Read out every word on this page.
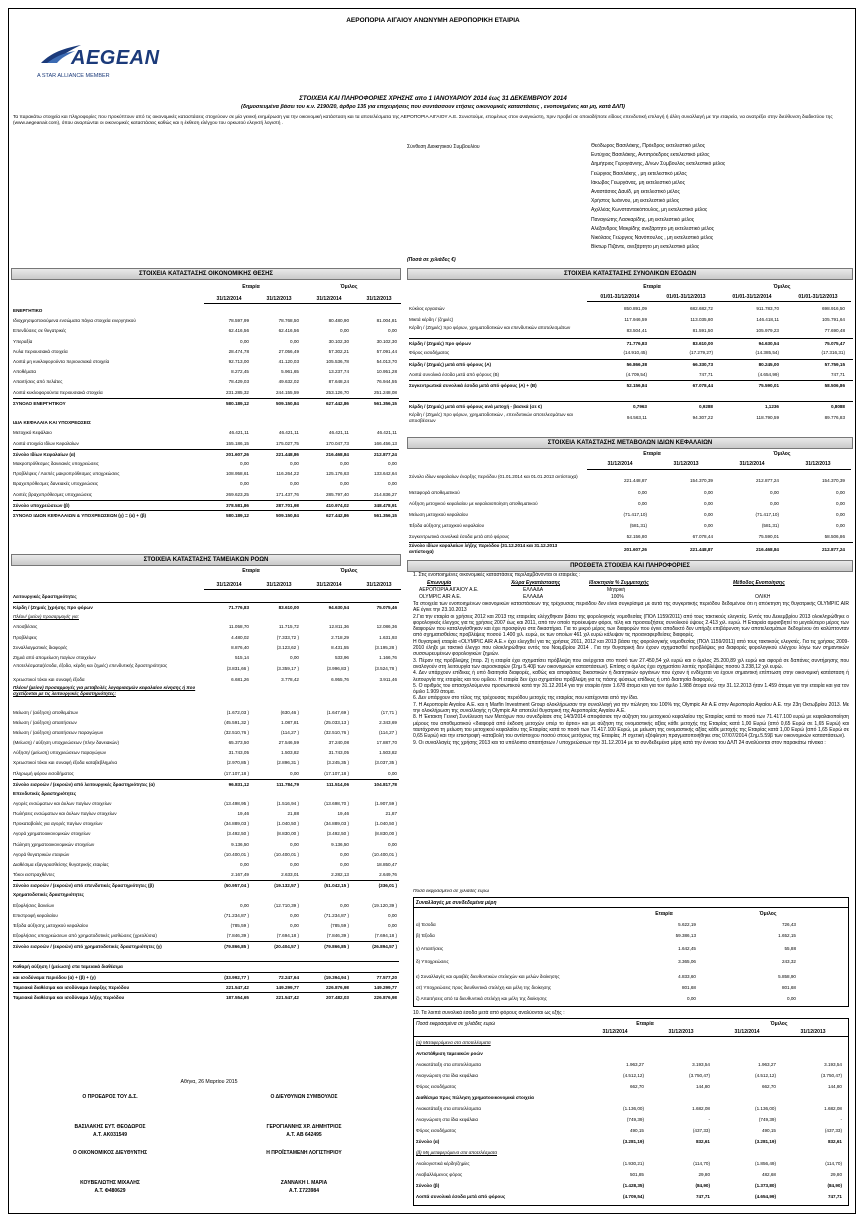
ΑΕΡΟΠΟΡΙΑ ΑΙΓΑΙΟΥ ΑΝΩΝΥΜΗ ΑΕΡΟΠΟΡΙΚΗ ΕΤΑΙΡΙΑ
AEGEAN
A STAR ALLIANCE MEMBER
ΣΤΟΙΧΕΙΑ ΚΑΙ ΠΛΗΡΟΦΟΡΙΕΣ ΧΡΗΣΗΣ απο 1 ΙΑΝΟΥΑΡΙΟΥ 2014 έως 31 ΔΕΚΕΜΒΡΙΟΥ 2014
(δημοσιευμένα βάσει του κ.ν. 2190/20, άρθρο 135 για επιχειρήσεις που συντάσσουν ετήσιες οικονομικές καταστάσεις , ενοποιημένες και μη, κατά ΔΛΠ)
Τα παρακάτω στοιχεία και πληροφορίες που προκύπτουν από τις οικονομικές καταστάσεις στοχεύουν σε μία γενική ενημέρωση για την οικονομική κατάσταση και τα αποτελέσματα της ΑΕΡΟΠΟΡΙΑ ΑΙΓΑΙΟΥ Α.Ε. Συνιστούμε, επομένως στον αναγνώστη, πριν προβεί σε οποιαδήποτε είδους επενδυτική επιλογή ή άλλη συναλλαγή με την εταιρεία, να ανατρέξει στην διεύθυνση διαδικτύου της (www.aegeanair.com), όπου αναρτώνται οι οικονομικές καταστάσεις καθώς και η έκθεση ελέγχου του ορκωτού ελεγκτή λογιστή .
Σύνθεση Διοικητικού Συμβουλίου	Θεόδωρος Βασιλάκης, Πρόεδρος εκτελεστικό μέλος
Ευτύχιος Βασιλάκης, Αντιπρόεδρος εκτελεστικό μέλος
Δημήτριος Γερογιάννης, Δ/νων Σύμβουλος εκτελεστικό μέλος
Γεώργιος Βασιλάκης , μη εκτελεστικό μέλος
Ιάκωβος Γεωργάνας, μη εκτελεστικό μέλος
Αναστάσιος Δαυίδ, μη εκτελεστικό μέλος
Χρήστος Ιωάννου, μη εκτελεστικό μέλος
Αχιλλέας Κωνσταντακόπουλος, μη εκτελεστικό μέλος
Παναγιώτης Λασκαρίδης, μη εκτελεστικό μέλος
Αλέξανδρος Μακρίδης ανεξάρτητο μη εκτελεστικό μέλος
Νικόλαος Γεώργιος Νανόπουλος , μη εκτελεστικό μέλος
Βίκτωρ Πιζάντε, ανεξάρτητο μη εκτελεστικό μέλος
ΣΤΟΙΧΕΙΑ ΚΑΤΑΣΤΑΣΗΣ ΟΙΚΟΝΟΜΙΚΗΣ ΘΕΣΗΣ
Εταιρία	Όμιλος
31/12/2014	31/12/2013	31/12/2014	31/12/2013
ΕΝΕΡΓΗΤΙΚΟ
Ιδιοχρησιμοποιούμενα ενσώματα πάγια στοιχεία ενεργητικού	78.597,99	78.768,50	80.480,90	81.004,81
Επενδύσεις σε θυγατρικές	62.416,56	62.416,56	0,00	0,00
Υπεραξία	0,00	0,00	30.102,30	30.102,30
Άυλα περιουσιακά στοιχεία	28.474,78	27.056,49	57.302,21	57.091,44
Λοιπά μη κυκλοφορούντα περιουσιακά στοιχεία	92.713,00	41.120,03	105.536,78	54.013,70
Αποθέματα	8.272,45	5.961,65	13.237,74	10.951,28
Απαιτήσεις από πελάτες	78.429,03	49.632,02	87.648,24	76.944,55
Λοιπά κυκλοφορούντα περιουσιακά στοιχεία	231.285,32	244.155,59	253.126,70	251.248,08
ΣΥΝΟΛΟ ΕΝΕΡΓΗΤΙΚΟΥ	580.189,12	509.150,84	627.442,86	561.356,15
ΙΔΙΑ ΚΕΦΑΛΑΙΑ ΚΑΙ ΥΠΟΧΡΕΩΣΕΙΣ
Μετοχικό Κεφάλαιο	46.421,11	46.421,11	46.421,11	46.421,11
Λοιπά στοιχεία Ιδίων Κεφαλαίων	155.186,15	175.027,75	170.047,73	166.456,13
Σύνολο Ιδίων Κεφαλαίων (α)	201.607,26	221.448,86	216.468,84	212.877,24
Μακροπρόθεσμες δανειακές υποχρεώσεις	0,00	0,00	0,00	0,00
Προβλέψεις / Λοιπές μακροπρόθεσμες υποχρεώσεις	108.958,61	116.264,22	125.176,63	133.642,64
Βραχυπρόθεσμες δανειακές υποχρεώσεις	0,00	0,00	0,00	0,00
Λοιπές βραχυπρόθεσμες υποχρεώσεις	269.623,25	171.437,76	285.797,40	214.836,27
Σύνολο υποχρεώσεων (β)	378.581,86	287.701,98	410.974,02	348.478,91
ΣΥΝΟΛΟ ΙΔΙΩΝ ΚΕΦΑΛΑΙΩΝ & ΥΠΟΧΡΕΩΣΕΩΝ (γ) = (α) + (β)	580.189,12	509.150,84	627.442,86	561.356,15
(Ποσά σε χιλιάδες €)
ΣΤΟΙΧΕΙΑ ΚΑΤΑΣΤΑΣΗΣ ΣΥΝΟΛΙΚΩΝ ΕΣΟΔΩΝ
Εταιρία	Όμιλος
01/01-31/12/2014	01/01-31/12/2013	01/01-31/12/2014	01/01-31/12/2013
Κύκλος εργασιών	850.891,09	682.682,72	911.783,70	698.916,50
Μικτά κέρδη / (ζημιές)	117.946,59	113.035,80	146.418,11	105.791,64
Κέρδη / (Ζημιές) προ φόρων, χρηματοδοτικών και επενδυτικών αποτελεσμάτων
83.504,41	81.591,50	105.979,23	77.690,48
Κέρδη / (Ζημιές) προ φόρων	71.776,83	83.610,00	94.630,54	75.075,47
Φόρος εισοδήματος	(14.910,45)	(17.279,27)	(14.385,54)	(17.316,31)
Κέρδη / (Ζημιές) μετά από φόρους (Α)	56.866,38	66.330,73	80.245,00	57.759,15
Λοιπά συνολικά έσοδα μετά από φόρους (Β)	(4.709,54)	747,71	(4.654,99)	747,71
Συγκεντρωτικά συνολικά έσοδα μετά από φόρους (Α) + (Β)	52.156,84	67.078,44	75.590,01	58.506,86
Κέρδη / (Ζημιές) μετά από φόρους ανά μετοχή - βασικά (σε €)	0,7963	0,9288	1,1236	0,8088
Κέρδη / (Ζημιές) προ φόρων, χρηματοδοτικών , επενδυτικών αποτελεσμάτων και αποσβέσεων	94.563,11	94.307,22	118.790,59	89.776,83
ΣΤΟΙΧΕΙΑ ΚΑΤΑΣΤΑΣΗΣ ΜΕΤΑΒΟΛΩΝ ΙΔΙΩΝ ΚΕΦΑΛΑΙΩΝ
Εταιρία	Όμιλος
31/12/2014	31/12/2013	31/12/2014	31/12/2013
Σύνολο ιδίων κεφαλαίων έναρξης περιόδου (01.01.2014 και 01.01.2013 αντίστοιχα)
221.448,87	154.370,39	212.877,24	154.370,39
Μεταφορά αποθεματικού	0,00	0,00	0,00	0,00
Αύξηση μετοχικού κεφαλαίου με κεφαλαιοποίηση αποθεματικού	0,00	0,00	0,00	0,00
Μείωση μετοχικού κεφαλαίου	(71.417,10)	0,00	(71.417,10)	0,00
Έξοδα αύξησης μετοχικού κεφαλαίου	(581,31)	0,00	(581,31)	0,00
Συγκεντρωτικά συνολικά έσοδα μετά από φόρους	52.156,80	67.078,44	75.590,01	58.506,86
Σύνολο ιδίων κεφαλαίων λήξης περιόδου (31.12.2014 και 31.12.2013 αντίστοιχα)	201.607,26	221.448,87	216.468,84	212.877,24
ΣΤΟΙΧΕΙΑ ΚΑΤΑΣΤΑΣΗΣ ΤΑΜΕΙΑΚΩΝ ΡΟΩΝ
Εταιρία	Όμιλος
31/12/2014	31/12/2013	31/12/2014	31/12/2013
Λειτουργικές δραστηριότητες
Κέρδη / (Ζημιές )χρήσης προ φόρων	71.776,83	83.610,00	94.630,54	75.075,46
Πλέον/ (μείον) προσαρμογές για:
Αποσβέσεις	11.058,70	11.715,72	12.811,36	12.086,36
Προβλέψεις	4.480,02	(7.333,72 )	2.718,29	1.631,93
Συναλλαγματικές διαφορές	8.876,40	(3.123,62 )	8.431,55	(3.195,28 )
Ζημιά από απομείωση παγίων στοιχείων	515,14	0,00	533,96	1.166,76
Αποτελέσματα(έσοδα, έξοδα, κέρδη και ζημιές) επενδυτικής δραστηριότητας
(3.831,66 )	(3.359,17 )	(3.996,83 )	(3.524,78 )
Χρεωστικοί τόκοι και συναφή έξοδα	6.681,26	3.778,42	6.955,76	3.911,46
Πλέον/ (μείον) προσαρμογές για μεταβολές λογαριασμών κεφαλαίου κίνησης ή που σχετίζονται με τις λειτουργικές δραστηριότητες:
Μείωση / (αύξηση) αποθεμάτων	(1.672,03 )	(630,46 )	(1.647,69 )	(17,71 )
Μείωση / (αύξηση) απαιτήσεων	(45.591,32 )	1.087,81	(25.033,13 )	2.343,69
Μείωση / (αύξηση) απαιτήσεων παραγώγων	(32.510,76 )	(114,27 )	(32.510,76 )	(114,27 )
(Μείωση) / αύξηση υποχρεώσεων (πλην δανειακών)	65.373,50	27.546,59	37.240,08	17.887,70
Αύξηση/ (μείωση) υποχρεώσεων παραγώγων	31.743,05	1.503,82	31.743,05	1.503,82
Χρεωστικοί τόκοι και συναφή έξοδα καταβεβλημένα	(2.970,85 )	(2.896,31 )	(3.245,35 )	(3.037,35 )
Πληρωμή φόρου εισοδήματος	(17.107,18 )	0,00	(17.107,18 )	0,00
Σύνολο εισροών / (εκροών) από λειτουργικές δραστηριότητες (α)	96.831,12	111.784,79	111.514,06	104.817,78
Επενδυτικές δραστηριότητες
Αγορές ενσώματων και άυλων παγίων στοιχείων	(13.498,95 )	(1.516,94 )	(13.698,70 )	(1.907,59 )
Πωλήσεις ενσώματων και άυλων παγίων στοιχείων	19,46	21,88	19,46	21,87
Προκαταβολές για αγορές παγίων στοιχείων	(34.889,03 )	(1.040,50 )	(34.889,03 )	(1.040,50 )
Αγορά χρηματοοικονομικών στοιχείων	(3.492,50 )	(8.830,00 )	(3.492,50 )	(8.830,00 )
Πώληση χρηματοοικονομικών στοιχείων	9.136,50	0,00	9.136,50	0,00
Αγορά θυγατρικών εταιριών	(10.400,01 )	(10.400,01 )	0,00	(10.400,01 )
Διαθέσιμα εξαγορασθείσης θυγατρικής εταιρίας	0,00	0,00	0,00	18.850,47
Τόκοι εισπραχθέντες	2.167,49	2.633,01	2.282,13	2.649,76
Σύνολο εισροών / (εκροών) από επενδυτικές δραστηριότητες (β)	(50.957,04 )	(19.132,57 )	(51.042,15 )	(336,01 )
Χρηματοδοτικές δραστηριότητες
Εξοφλήσεις δανείων	0,00	(12.710,39 )	0,00	(19.120,39 )
Επιστροφή κεφαλαίου	(71.234,87 )	0,00	(71.234,87 )	0,00
Έξοδα αύξησης μετοχικού κεφαλαίου	(785,59 )	0,00	(785,59 )	0,00
Εξοφλήσεις υποχρεώσεων από χρηματοδοτικές μισθώσεις (χρεολύσια)	(7.846,39 )	(7.694,18 )	(7.846,39 )	(7.694,18 )
Σύνολο εισροών / (εκροών) από χρηματοδοτικές δραστηριότητες (γ)	(79.866,85 )	(20.404,57 )	(79.866,85 )	(26.894,57 )
Καθαρή αύξηση / (μείωση) στα ταμειακά διαθέσιμα
και ισοδύναμα περιόδου (α) + (β) + (γ)	(33.992,77 )	72.247,64	(19.394,94 )	77.577,20
Ταμειακά διαθέσιμα και ισοδύναμα έναρξης περιόδου	221.547,42	149.299,77	226.876,98	149.299,77
Ταμειακά διαθέσιμα και ισοδύναμα λήξης περιόδου	187.554,65	221.547,42	207.482,03	226.876,98
ΠΡΟΣΘΕΤΑ ΣΤΟΙΧΕΙΑ ΚΑΙ ΠΛΗΡΟΦΟΡΙΕΣ
1. Στις ενοποιημένες οικονομικές καταστάσεις περιλαμβάνονται οι εταιρείες :
Επωνυμία	Χώρα Εγκατάστασης	Ιδιοκτησία % Συμμετοχής	Μέθοδος Ενοποίησης
ΑΕΡΟΠΟΡΙΑ ΑΙΓΑΙΟΥ Α.Ε.	ΕΛΛΑΔΑ	Μητρική
OLYMPIC AIR A.E.	ΕΛΛΑΔΑ	100%	ΟΛΙΚΗ

Τα στοιχεία των ενοποιημένων οικονομικών καταστάσεων της τρέχουσας περιόδου δεν είναι συγκρίσιμα με αυτά της συγκριτικής περιόδου δεδομένου ότι η απόκτηση της θυγατρικής OLYMPIC AIR AE έγινε την 23.10.2013

2.Για την εταιρία οι χρήσεις 2012 και 2013 της εταιρείας ελέγχθηκαν βάσει της φορολογικής νομοθεσίας (ΠΟΛ 1159/2011) από τους τακτικούς ελεγκτές. Εντός του Δεκεμβρίου 2013 ολοκληρώθηκε ο φορολογικός έλεγχος για τις χρήσεις 2007 έως και 2011, από τον οποίο προέκυψαν φόροι, τέλη και προσαυξήσεις συνολικού ύψους 2.413 χιλ. ευρώ. Η Εταιρεία αμφισβητεί το μεγαλύτερο μέρος των διαφορών που καταλογίσθηκαν και έχει προσφύγει στα δικαστήρια. Για το μικρό μέρος των διαφορών που έγινε αποδεκτό δεν υπήρξε επιβάρυνση των αποτελεσμάτων δεδομένου ότι καλύπτονταν από σχηματισθείσες προβλέψεις ποσού 1.400 χιλ. ευρώ, εκ των οποίων 461 χιλ ευρώ κάλυψαν τις προαναφερθείσες διαφορές.

Η θυγατρική εταιρία «OLYMPIC AIR A.E.» έχει ελεγχθεί για τις χρήσεις 2011, 2012 και 2013 βάσει της φορολογικής νομοθεσίας (ΠΟΛ 1159/2011) από τους τακτικούς ελεγκτές. Για τις χρήσεις 2009-2010 έληξε με τακτικό έλεγχο που ολοκληρώθηκε εντός του Νοεμβρίου 2014 . Για την θυγατρική δεν έχουν σχηματισθεί προβλέψεις για διαφορές φορολογικού ελέγχου λόγω των σημαντικών συσσωρευμένων φορολογικών ζημιών.

3. Πέραν της πρόβλεψης (παρ. 2) η εταιρία έχει σχηματίσει πρόβλεψη που ανέρχεται στο ποσό των 27.450,54 χιλ ευρώ και ο όμιλος 25.200,89 χιλ ευρώ και αφορά σε δαπάνες συντήρησης που αναλογούν στη λειτουργία των αεροσκαφών (Σημ 5.40β των οικονομικών καταστάσεων). Επίσης ο όμιλος έχει σχηματίσει λοιπές προβλέψεις ποσού 3.238,12 χιλ ευρώ.

4. Δεν υπάρχουν επίδικες ή υπό διαιτησία διαφορές, καθώς και αποφάσεις δικαστικών ή διαιτητικών οργάνων που έχουν ή ενδέχεται να έχουν σημαντική επίπτωση στην οικονομική κατάσταση ή λειτουργία της εταιρίας και του ομίλου. Η εταιρία δεν έχει σχηματίσει πρόβλεψη για τις πάσης φύσεως επίδικες ή υπό διαιτησία διαφορές.

5. Ο αριθμός του απασχολούμενου προσωπικού κατά την 31.12.2014 για την εταιρία ήταν 1.678 άτομα και για τον όμιλο 1.988 άτομα ενώ την 31.12.2013 ήταν 1.459 άτομα για την εταιρία και για τον όμιλο 1.909 άτομα.

6. Δεν υπάρχουν στο τέλος της τρέχουσας περιόδου μετοχές της εταιρίας που κατέχονται από την ίδια.

7. Η Αεροπορία Αιγαίου Α.Ε. και η Marfin Investment Group ολοκλήρωσαν την συναλλαγή για την πώληση του 100% της Olympic Air A.E στην Αεροπορία Αιγαίου Α.Ε. την 23η Οκτωβρίου 2013. Με την ολοκλήρωση της συναλλαγής η Olympic Air αποτελεί θυγατρική της Αεροπορίας Αιγαίου Α.Ε.

8. Η Έκτακτη Γενική Συνέλευση των Μετόχων που συνεδρίασε στις 14/3/2014 αποφάσισε την αύξηση του μετοχικού κεφαλαίου της Εταιρίας κατά το ποσό των 71.417.100 ευρώ με κεφαλαιοποίηση μέρους του αποθεματικού «διαφορά από έκδοση μετοχών υπέρ το άρτιο» και με αύξηση της ονομαστικής αξίας κάθε μετοχής της Εταιρίας κατά 1,00 Ευρώ (από 0,65 Ευρώ σε 1,65 Ευρώ) και ταυτόχρονα τη μείωση του μετοχικού κεφαλαίου της Εταιρίας κατά το ποσό των 71.417.100 Ευρώ, με μείωση της ονομαστικής αξίας κάθε μετοχής της Εταιρίας κατά 1,00 Ευρώ (από 1,65 Ευρώ σε 0,65 Ευρώ) και την επιστροφή -καταβολή του αντίστοιχου ποσού στους μετόχους της Εταιρίας .Η σχετική εξόφληση πραγματοποιήθηκε στις 07/07/2014 (Σημ.5.59β των οικονομικών καταστάσεων).

9. Οι συναλλαγές της χρήσης 2013 και τα υπόλοιπα απαιτήσεων / υποχρεώσεων την 31.12.2014 με τα συνδεδεμένα μέρη κατά την έννοια του ΔΛΠ 24 αναλύονται στον παρακάτω πίνακα :

Ποσά εκφρασμένα σε χιλιάδες ευρώ
Συναλλαγές με συνδεδεμένα μέρη
Εταιρία	Όμιλος
α) Έσοδα	5.622,19	726,43
β) Έξοδα	59.386,13	1.652,15
γ) Απαιτήσεις	1.642,45	55,88
δ) Υποχρεώσεις	3.365,06	243,32
ε) Συναλλαγές και αμοιβές διευθυντικών στελεχών και μελών διοίκησης	4.833,60	5.858,90
στ) Υποχρεώσεις προς διευθυντικά στελέχη και μέλη της διοίκησης	801,68	801,68
ζ) Απαιτήσεις από τα διευθυντικά στελέχη και μέλη της διοίκησης	0,00	0,00
10. Τα λοιπά συνολικά έσοδα μετά από φόρους αναλύονται ως εξής :
Ποσά εκφρασμένα σε χιλιάδες ευρώ	Εταιρία	Όμιλος
31/12/2014	31/12/2013	31/12/2014	31/12/2013
(α) Μεταφερόμενα στα αποτελέσματα
Αντιστάθμιση ταμειακών ροών
Ανακατάταξη στα αποτελέσματα	1.963,27	3.193,54	1.963,27	3.193,54
Αναγνώριση στα ίδια κεφάλαια	(4.512,12)	(3.750,47)	(4.512,12)	(3.750,47)
Φόρος εισοδήματος	662,70	144,80	662,70	144,80
Διαθέσιμα προς πώληση χρηματοοικονομικά στοιχεία
Ανακατάταξη στα αποτελέσματα	(1.136,00)	1.682,08	(1.136,00)	1.682,08
Αναγνώριση στα ίδια κεφάλαια	(749,39)	-	(749,39)	-
Φόρος εισοδήματος	490,15	(437,33)	490,15	(437,33)
Σύνολο (α)	(3.281,19)	832,61	(3.281,19)	832,61
(β) Μη μεταφερόμενα στα αποτελέσματα
Αναλογιστικά κέρδη/ζημίες	(1.930,21)	(114,70)	(1.856,49)	(114,70)
Αναβαλλόμενος φόρος	501,85	29,80	482,68	29,80
Σύνολο (β)	(1.428,35)	(84,90)	(1.373,80)	(84,90)
Λοιπά συνολικά έσοδα μετά από φόρους	(4.709,54)	747,71	(4.654,99)	747,71
Αθήνα, 26 Μαρτίου 2015
Ο ΠΡΟΕΔΡΟΣ ΤΟΥ Δ.Σ.
ΒΑΣΙΛΑΚΗΣ ΕΥΤ. ΘΕΟΔΩΡΟΣ
Α.Τ. ΑΚ031549
Ο ΔΙΕΥΘΥΝΩΝ ΣΥΜΒΟΥΛΟΣ
ΓΕΡΟΓΙΑΝΝΗΣ ΧΡ. ΔΗΜΗΤΡΙΟΣ
Α.Τ. ΑΒ 642495
Ο ΟΙΚΟΝΟΜΙΚΟΣ ΔΙΕΥΘΥΝΤΗΣ
ΚΟΥΒΕΛΙΩΤΗΣ ΜΙΧΑΛΗΣ
Α.Τ. Φ480629
Η ΠΡΟΪΣΤΑΜΕΝΗ ΛΟΓΙΣΤΗΡΙΟΥ
ΖΑΝΝΑΚΗ Ι. ΜΑΡΙΑ
Α.Τ. Σ723984
